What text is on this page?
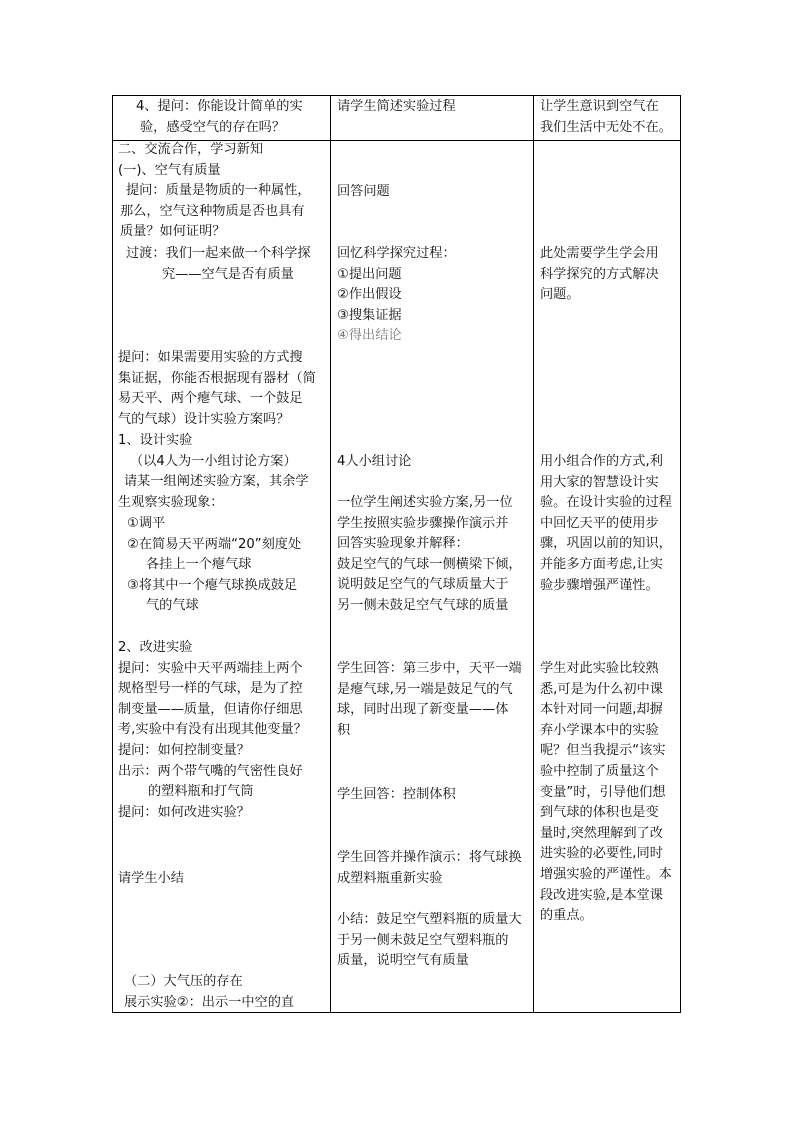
4、提问：你能设计简单的实

验，感受空气的存在吗？

请学生简述实验过程	让学生意识到空气在

我们生活中无处不在。

二、交流合作，学习新知

(一)、空气有质量

提问：质量是物质的一种属性，

那么，空气这种物质是否也具有

质量？如何证明？

过渡：我们一起来做一个科学探

究——空气是否有质量

提问：如果需要用实验的方式搜

集证据，你能否根据现有器材（简

易天平、两个瘪气球、一个鼓足

气的气球）设计实验方案吗？

1、设计实验

（以4人为一小组讨论方案）

请某一组阐述实验方案，其余学

生观察实验现象：

①调平

②在简易天平两端“20”刻度处

各挂上一个瘪气球

③将其中一个瘪气球换成鼓足

气的气球

2、改进实验

提问：实验中天平两端挂上两个

规格型号一样的气球，是为了控

制变量——质量，但请你仔细思

考,实验中有没有出现其他变量？

提问：如何控制变量？

出示：两个带气嘴的气密性良好

的塑料瓶和打气筒

提问：如何改进实验？

请学生小结

（二）大气压的存在

展示实验②：出示一中空的直

回答问题

回忆科学探究过程：

①提出问题

②作出假设

③搜集证据

④得出结论

4人小组讨论

一位学生阐述实验方案,另一位

学生按照实验步骤操作演示并

回答实验现象并解释：

鼓足空气的气球一侧横梁下倾，

说明鼓足空气的气球质量大于

另一侧未鼓足空气气球的质量

学生回答：第三步中，天平一端

是瘪气球,另一端是鼓足气的气

球，同时出现了新变量——体

积

学生回答：控制体积

学生回答并操作演示：将气球换

成塑料瓶重新实验

小结：鼓足空气塑料瓶的质量大

于另一侧未鼓足空气塑料瓶的

质量，说明空气有质量

此处需要学生学会用

科学探究的方式解决

问题。

用小组合作的方式,利

用大家的智慧设计实

验。在设计实验的过程

中回忆天平的使用步

骤，巩固以前的知识，

并能多方面考虑,让实

验步骤增强严谨性。

学生对此实验比较熟

悉,可是为什么初中课

本针对同一问题,却摒

弃小学课本中的实验

呢？但当我提示“该实

验中控制了质量这个

变量”时，引导他们想

到气球的体积也是变

量时,突然理解到了改

进实验的必要性,同时

增强实验的严谨性。本

段改进实验,是本堂课

的重点。
